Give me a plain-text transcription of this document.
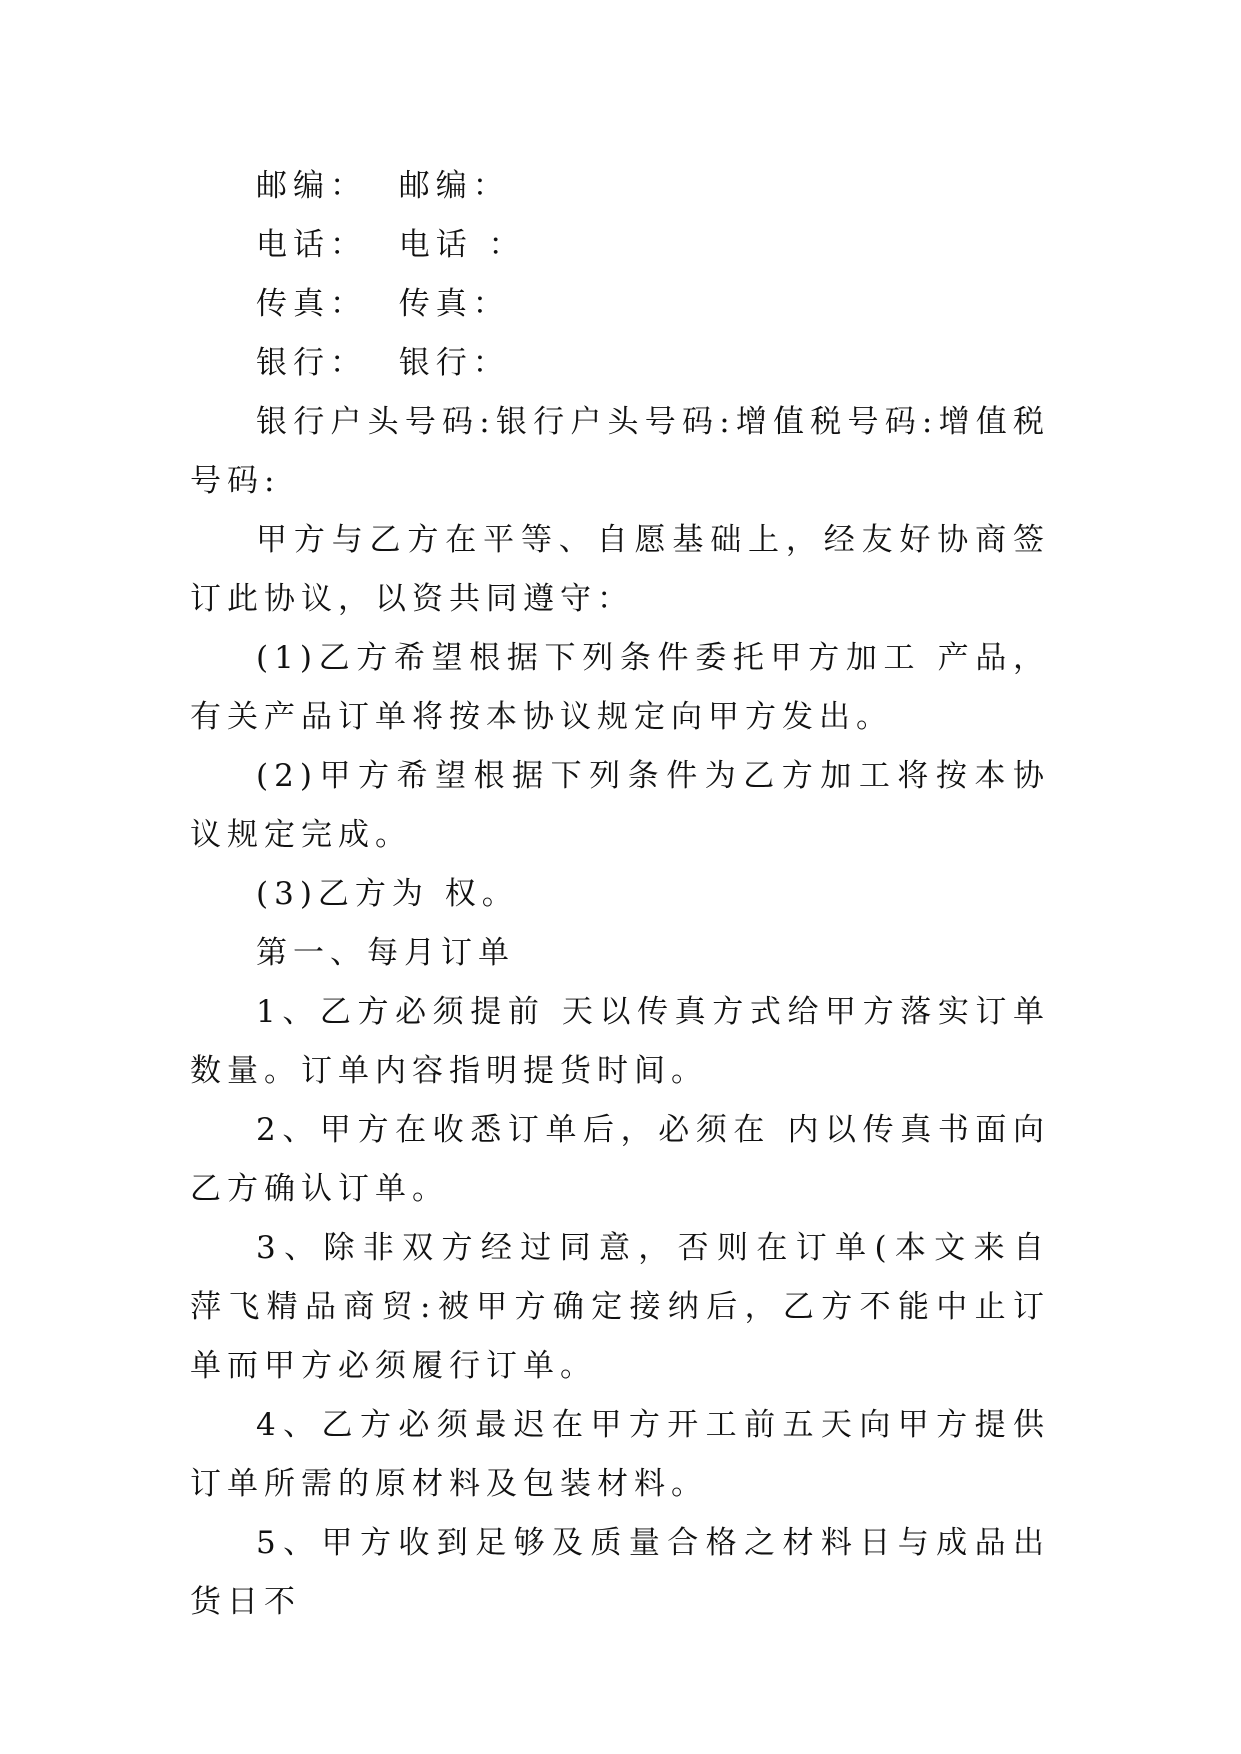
邮编：  邮编：

电话：  电话 ：

传真：  传真：

银行：  银行：

银行户头号码:银行户头号码:增值税号码:增值税号码:

甲方与乙方在平等、自愿基础上，经友好协商签订此协议，以资共同遵守：

(1)乙方希望根据下列条件委托甲方加工 产品，有关产品订单将按本协议规定向甲方发出。

(2)甲方希望根据下列条件为乙方加工将按本协议规定完成。

(3)乙方为 权。

第一、每月订单

1、乙方必须提前 天以传真方式给甲方落实订单数量。订单内容指明提货时间。

2、甲方在收悉订单后，必须在 内以传真书面向乙方确认订单。

3、除非双方经过同意，否则在订单(本文来自 萍飞精品商贸:被甲方确定接纳后，乙方不能中止订单而甲方必须履行订单。

4、乙方必须最迟在甲方开工前五天向甲方提供订单所需的原材料及包装材料。

5、甲方收到足够及质量合格之材料日与成品出货日不
